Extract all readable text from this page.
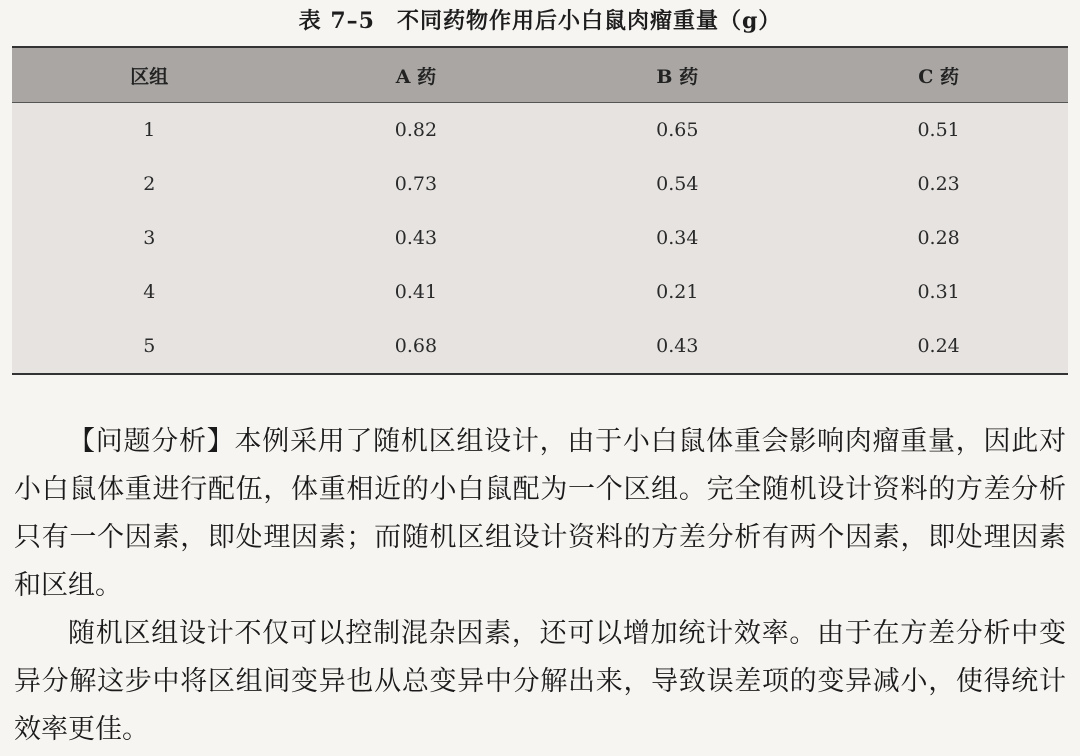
表 7–5 不同药物作用后小白鼠肉瘤重量（g）
区组	A 药	B 药	C 药
1	0.82	0.65	0.51
2	0.73	0.54	0.23
3	0.43	0.34	0.28
4	0.41	0.21	0.31
5	0.68	0.43	0.24

【问题分析】本例采用了随机区组设计，由于小白鼠体重会影响肉瘤重量，因此对小白鼠体重进行配伍，体重相近的小白鼠配为一个区组。完全随机设计资料的方差分析只有一个因素，即处理因素；而随机区组设计资料的方差分析有两个因素，即处理因素和区组。

随机区组设计不仅可以控制混杂因素，还可以增加统计效率。由于在方差分析中变异分解这步中将区组间变异也从总变异中分解出来，导致误差项的变异减小，使得统计效率更佳。
